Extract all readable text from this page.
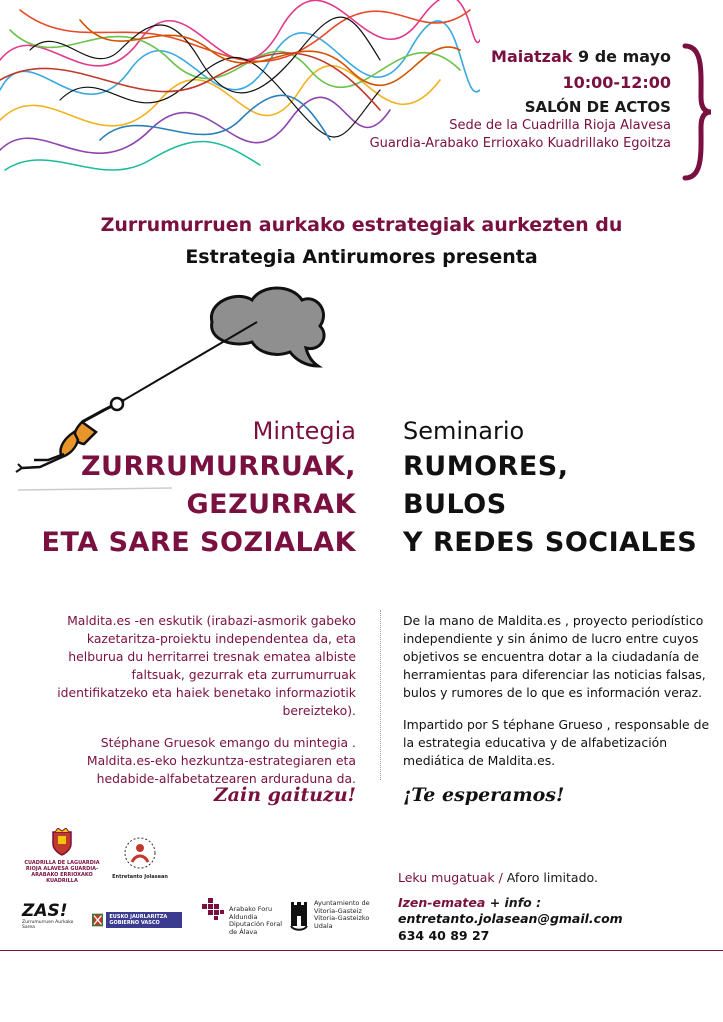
Maiatzak 9 de mayo
10:00-12:00
SALÓN DE ACTOS
Sede de la Cuadrilla Rioja Alavesa
Guardia-Arabako Errioxako Kuadrillako Egoitza
Zurrumurruen aurkako estrategiak aurkezten du
Estrategia Antirumores presenta
Mintegia
ZURRUMURRUAK,
GEZURRAK
ETA SARE SOZIALAK
Seminario
RUMORES,
BULOS
Y REDES SOCIALES

Maldita.es -en eskutik (irabazi-asmorik gabeko kazetaritza-proiektu independentea da, eta helburua du herritarrei tresnak ematea albiste faltsuak, gezurrak eta zurrumurruak identifikatzeko eta haiek benetako informaziotik bereizteko).

Stéphane Gruesok emango du mintegia . Maldita.es-eko hezkuntza-estrategiaren eta hedabide-alfabetatzearen arduraduna da.

De la mano de Maldita.es , proyecto periodístico independiente y sin ánimo de lucro entre cuyos objetivos se encuentra dotar a la ciudadanía de herramientas para diferenciar las noticias falsas, bulos y rumores de lo que es información veraz.

Impartido por S téphane Grueso , responsable de la estrategia educativa y de alfabetización mediática de Maldita.es.

Zain gaituzu! ¡Te esperamos!
CUADRILLA DE LAGUARDIA RIOJA ALAVESA GUARDIA-ARABAKO ERRIOXAKO KUADRILLA
Entretanto Jolasean
ZAS!
Zurrumurruen Aurkako Sarea
EUSKO JAURLARITZA GOBIERNO VASCO
Arabako Foru Aldundia Diputación Foral de Álava
Ayuntamiento de Vitoria-Gasteiz Vitoria-Gasteizko Udala
Leku mugatuak / Aforo limitado.
Izen-ematea + info :
entretanto.jolasean@gmail.com
634 40 89 27
